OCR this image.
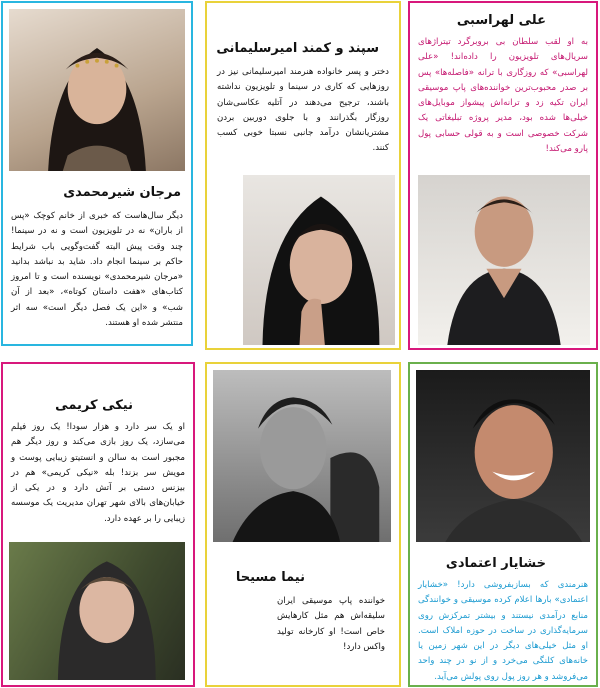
مرجان شیرمحمدی
دیگر سال‌هاست که خبری از خانم کوچک «پس از باران» نه در تلویزیون است و نه در سینما! چند وقت پیش البته گفت‌وگویی باب شرایط حاکم بر سینما انجام داد. شاید بد نباشد بدانید «مرجان شیرمحمدی» نویسنده است و تا امروز کتاب‌های «هفت داستان کوتاه»، «بعد از آن شب» و «این یک فصل دیگر است» سه اثر منتشر شده او هستند.
سپند و کمند امیرسلیمانی
دختر و پسر خانواده هنرمند امیرسلیمانی نیز در روزهایی که کاری در سینما و تلویزیون نداشته باشند، ترجیح می‌دهند در آتلیه عکاسی‌شان روزگار بگذرانند و با جلوی دوربین بردن مشتریانشان درآمد جانبی نسبتا خوبی کسب کنند.
علی لهراسبی
به او لقب سلطان بی بروبرگرد تیتراژهای سریال‌های تلویزیون را داده‌اند! «علی لهراسبی» که روزگاری با ترانه «فاصله‌ها» پس بر صدر محبوب‌ترین خواننده‌های پاپ موسیقی ایران تکیه زد و ترانه‌اش پیشواز موبایل‌های خیلی‌ها شده بود، مدیر پروژه تبلیغاتی یک شرکت خصوصی است و به قولی حسابی پول پارو می‌کند!
نیکی کریمی
او یک سر دارد و هزار سودا! یک روز فیلم می‌سازد، یک روز بازی می‌کند و روز دیگر هم مجبور است به سالن و انستیتو زیبایی پوست و مویش سر بزند! بله «نیکی کریمی» هم در بیزنس دستی بر آتش دارد و در یکی از خیابان‌های بالای شهر تهران مدیریت یک موسسه زیبایی را بر عهده دارد.
نیما مسیحا
خواننده پاپ موسیقی ایران سلیقه‌اش هم مثل کارهایش خاص است! او کارخانه تولید واکس دارد!
خشایار اعتمادی
هنرمندی که بسازبفروشی دارد! «خشایار اعتمادی» بارها اعلام کرده موسیقی و خوانندگی منابع درآمدی نیستند و بیشتر تمرکزش روی سرمایه‌گذاری در ساخت در حوزه املاک است. او مثل خیلی‌های دیگر در این شهر زمین یا خانه‌های کلنگی می‌خرد و از نو در چند واحد می‌فروشد و هر روز پول روی پولش می‌آید.
